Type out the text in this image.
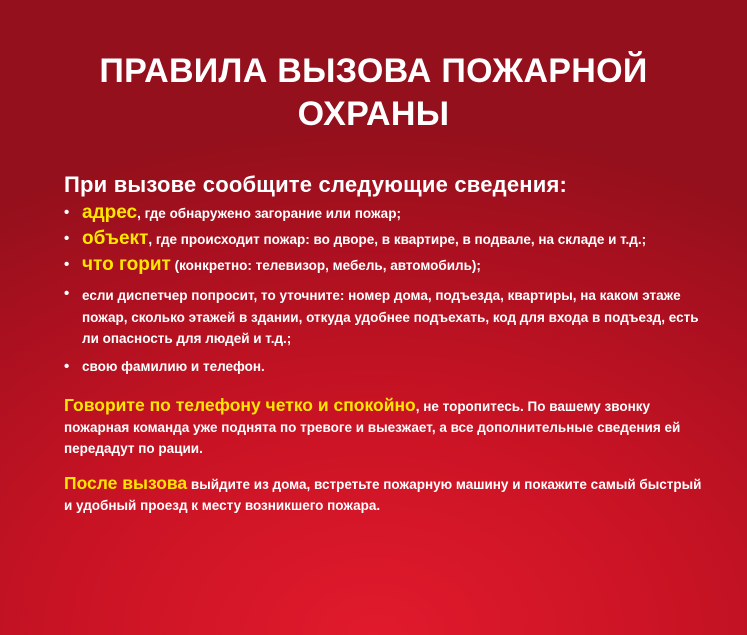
ПРАВИЛА ВЫЗОВА ПОЖАРНОЙ
ОХРАНЫ
При вызове сообщите следующие сведения:
• адрес, где обнаружено загорание или пожар;
• объект, где происходит пожар: во дворе, в квартире, в подвале, на складе и т.д.;
• что горит (конкретно: телевизор, мебель, автомобиль);
• если диспетчер попросит, то уточните: номер дома, подъезда, квартиры, на каком этаже пожар, сколько этажей в здании, откуда удобнее подъехать, код для входа в подъезд, есть ли опасность для людей и т.д.;
• свою фамилию и телефон.
Говорите по телефону четко и спокойно, не торопитесь. По вашему звонку пожарная команда уже поднята по тревоге и выезжает, а все дополнительные сведения ей передадут по рации.
После вызова выйдите из дома, встретьте пожарную машину и покажите самый быстрый и удобный проезд к месту возникшего пожара.
